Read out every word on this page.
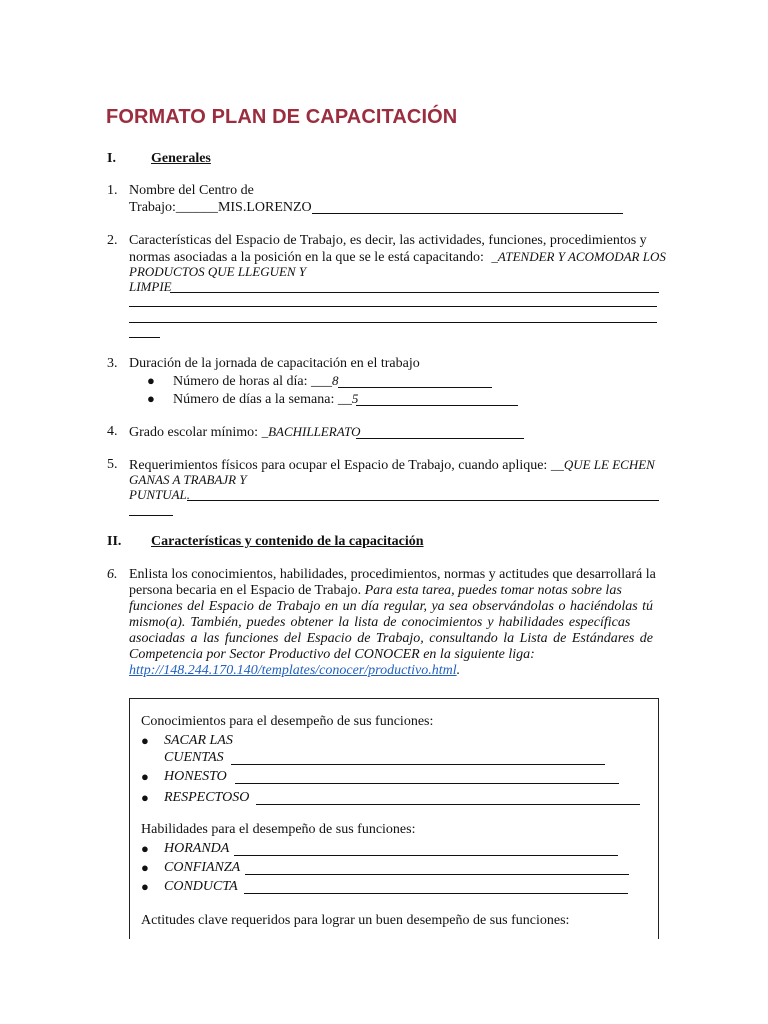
FORMATO PLAN DE CAPACITACIÓN
I.	Generales
1. Nombre del Centro de
Trabajo:______MIS.LORENZO
2. Características del Espacio de Trabajo, es decir, las actividades, funciones, procedimientos y
normas asociadas a la posición en la que se le está capacitando: _ATENDER Y ACOMODAR LOS
PRODUCTOS QUE LLEGUEN Y
LIMPIE
3. Duración de la jornada de capacitación en el trabajo
● Número de horas al día: ___8
● Número de días a la semana: __5
4. Grado escolar mínimo: _BACHILLERATO
5. Requerimientos físicos para ocupar el Espacio de Trabajo, cuando aplique: __QUE LE ECHEN
GANAS A TRABAJR Y
PUNTUAL.
II. Características y contenido de la capacitación
6. Enlista los conocimientos, habilidades, procedimientos, normas y actitudes que desarrollará la
persona becaria en el Espacio de Trabajo. Para esta tarea, puedes tomar notas sobre las
funciones del Espacio de Trabajo en un día regular, ya sea observándolas o haciéndolas tú
mismo(a). También, puedes obtener la lista de conocimientos y habilidades específicas
asociadas a las funciones del Espacio de Trabajo, consultando la Lista de Estándares de
Competencia por Sector Productivo del CONOCER en la siguiente liga:
http://148.244.170.140/templates/conocer/productivo.html.
Conocimientos para el desempeño de sus funciones:
● SACAR LAS
CUENTAS
● HONESTO
● RESPECTOSO
Habilidades para el desempeño de sus funciones:
● HORANDA
● CONFIANZA
● CONDUCTA
Actitudes clave requeridos para lograr un buen desempeño de sus funciones:
